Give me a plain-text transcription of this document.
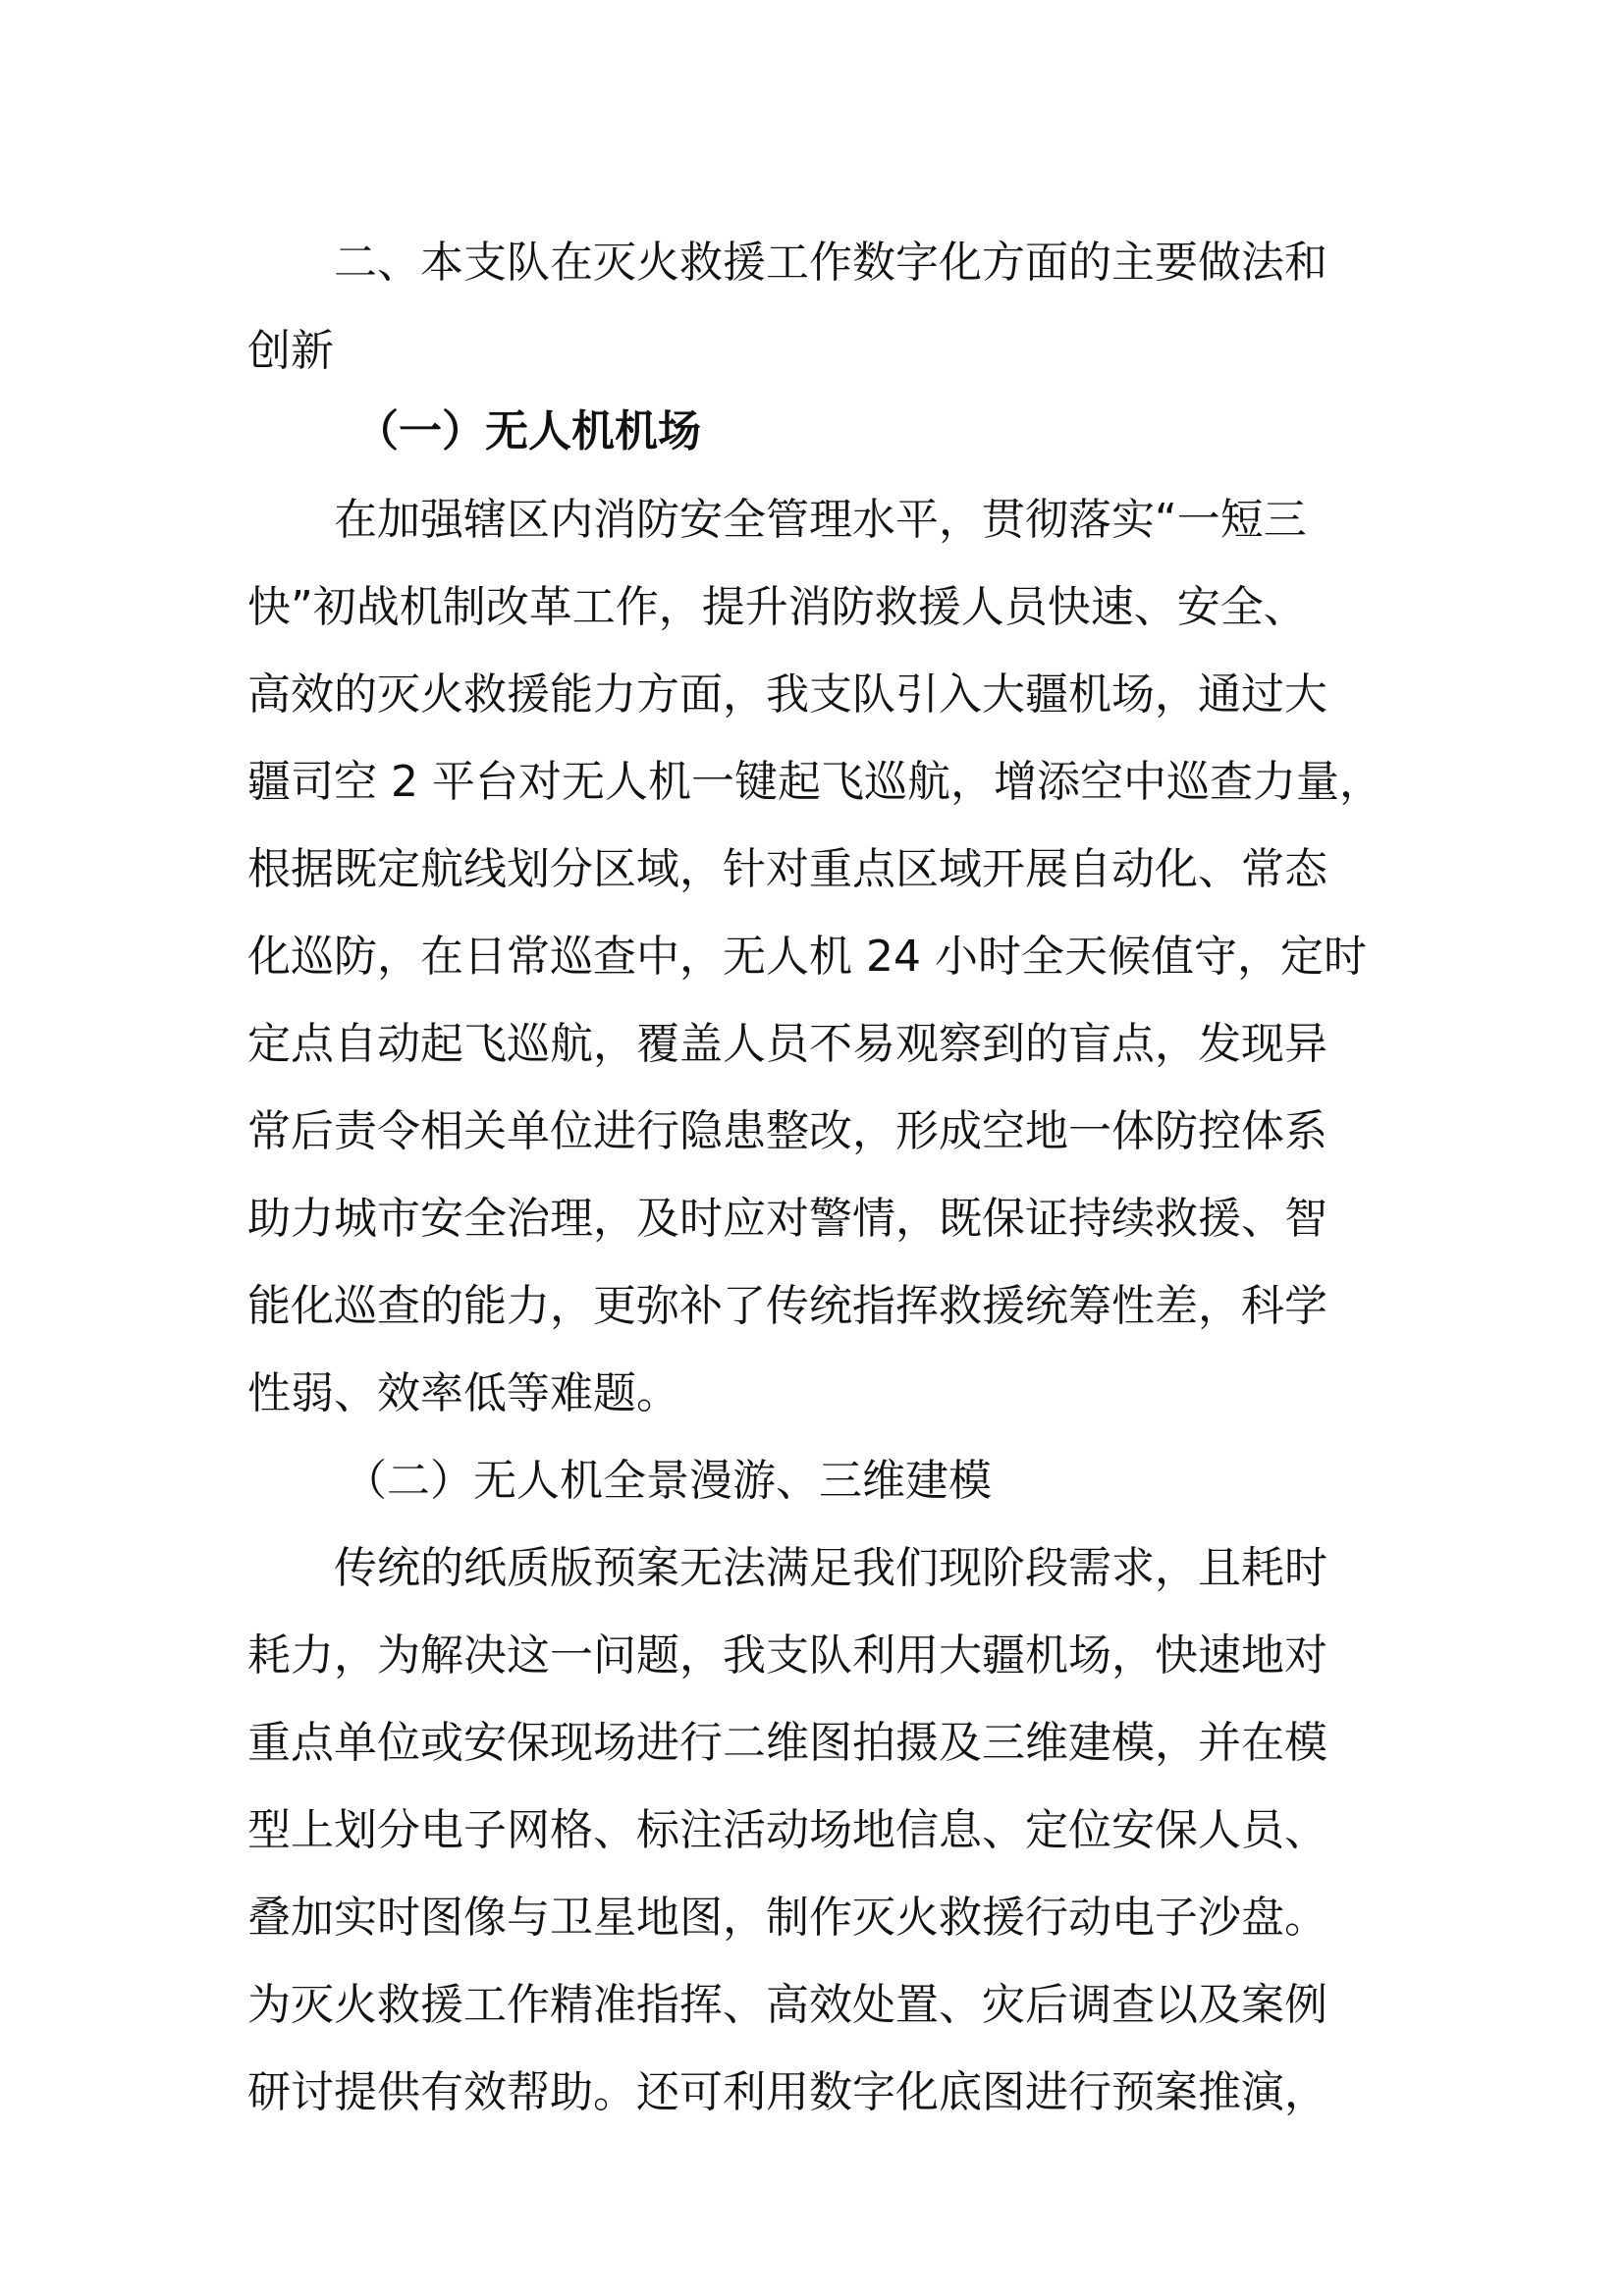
二、本支队在灭火救援工作数字化方面的主要做法和

创新

（一）无人机机场

在加强辖区内消防安全管理水平，贯彻落实“一短三

快”初战机制改革工作，提升消防救援人员快速、安全、

高效的灭火救援能力方面，我支队引入大疆机场，通过大

疆司空 2 平台对无人机一键起飞巡航，增添空中巡查力量，

根据既定航线划分区域，针对重点区域开展自动化、常态

化巡防，在日常巡查中，无人机 24 小时全天候值守，定时

定点自动起飞巡航，覆盖人员不易观察到的盲点，发现异

常后责令相关单位进行隐患整改，形成空地一体防控体系

助力城市安全治理，及时应对警情，既保证持续救援、智

能化巡查的能力，更弥补了传统指挥救援统筹性差，科学

性弱、效率低等难题。

（二）无人机全景漫游、三维建模

传统的纸质版预案无法满足我们现阶段需求，且耗时

耗力，为解决这一问题，我支队利用大疆机场，快速地对

重点单位或安保现场进行二维图拍摄及三维建模，并在模

型上划分电子网格、标注活动场地信息、定位安保人员、

叠加实时图像与卫星地图，制作灭火救援行动电子沙盘。

为灭火救援工作精准指挥、高效处置、灾后调查以及案例

研讨提供有效帮助。还可利用数字化底图进行预案推演，
